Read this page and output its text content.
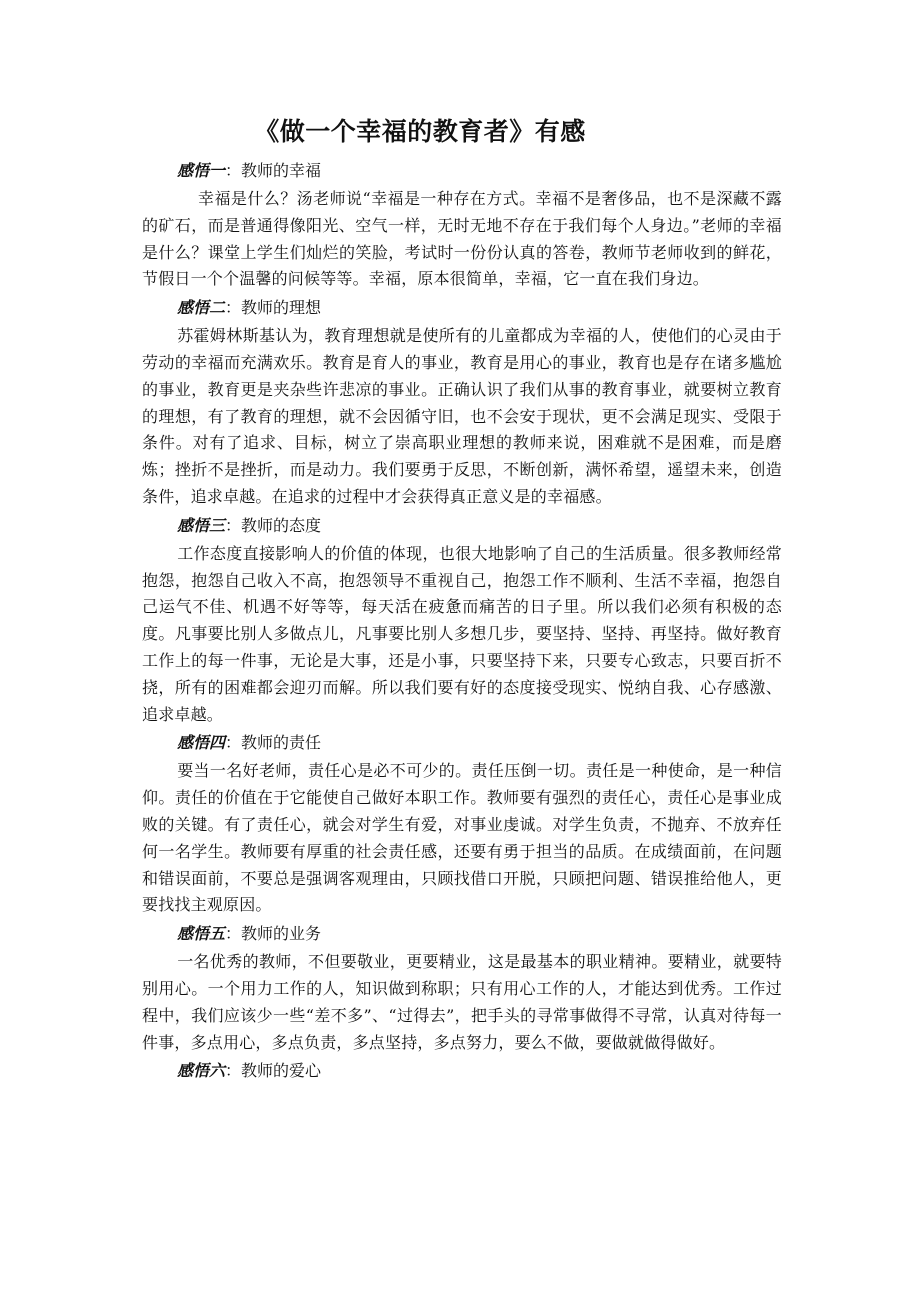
《做一个幸福的教育者》有感

感悟一：教师的幸福

幸福是什么？汤老师说“幸福是一种存在方式。幸福不是奢侈品，也不是深藏不露的矿石，而是普通得像阳光、空气一样，无时无地不存在于我们每个人身边。”老师的幸福是什么？课堂上学生们灿烂的笑脸，考试时一份份认真的答卷，教师节老师收到的鲜花，节假日一个个温馨的问候等等。幸福，原本很简单，幸福，它一直在我们身边。

感悟二：教师的理想

苏霍姆林斯基认为，教育理想就是使所有的儿童都成为幸福的人，使他们的心灵由于劳动的幸福而充满欢乐。教育是育人的事业，教育是用心的事业，教育也是存在诸多尴尬的事业，教育更是夹杂些许悲凉的事业。正确认识了我们从事的教育事业，就要树立教育的理想，有了教育的理想，就不会因循守旧，也不会安于现状，更不会满足现实、受限于条件。对有了追求、目标，树立了崇高职业理想的教师来说，困难就不是困难，而是磨炼；挫折不是挫折，而是动力。我们要勇于反思，不断创新，满怀希望，遥望未来，创造条件，追求卓越。在追求的过程中才会获得真正意义是的幸福感。

感悟三：教师的态度

工作态度直接影响人的价值的体现，也很大地影响了自己的生活质量。很多教师经常抱怨，抱怨自己收入不高，抱怨领导不重视自己，抱怨工作不顺利、生活不幸福，抱怨自己运气不佳、机遇不好等等，每天活在疲惫而痛苦的日子里。所以我们必须有积极的态度。凡事要比别人多做点儿，凡事要比别人多想几步，要坚持、坚持、再坚持。做好教育工作上的每一件事，无论是大事，还是小事，只要坚持下来，只要专心致志，只要百折不挠，所有的困难都会迎刃而解。所以我们要有好的态度接受现实、悦纳自我、心存感激、追求卓越。

感悟四：教师的责任

要当一名好老师，责任心是必不可少的。责任压倒一切。责任是一种使命，是一种信仰。责任的价值在于它能使自己做好本职工作。教师要有强烈的责任心，责任心是事业成败的关键。有了责任心，就会对学生有爱，对事业虔诚。对学生负责，不抛弃、不放弃任何一名学生。教师要有厚重的社会责任感，还要有勇于担当的品质。在成绩面前，在问题和错误面前，不要总是强调客观理由，只顾找借口开脱，只顾把问题、错误推给他人，更要找找主观原因。

感悟五：教师的业务

一名优秀的教师，不但要敬业，更要精业，这是最基本的职业精神。要精业，就要特别用心。一个用力工作的人，知识做到称职；只有用心工作的人，才能达到优秀。工作过程中，我们应该少一些“差不多”、“过得去”，把手头的寻常事做得不寻常，认真对待每一件事，多点用心，多点负责，多点坚持，多点努力，要么不做，要做就做得做好。

感悟六：教师的爱心
